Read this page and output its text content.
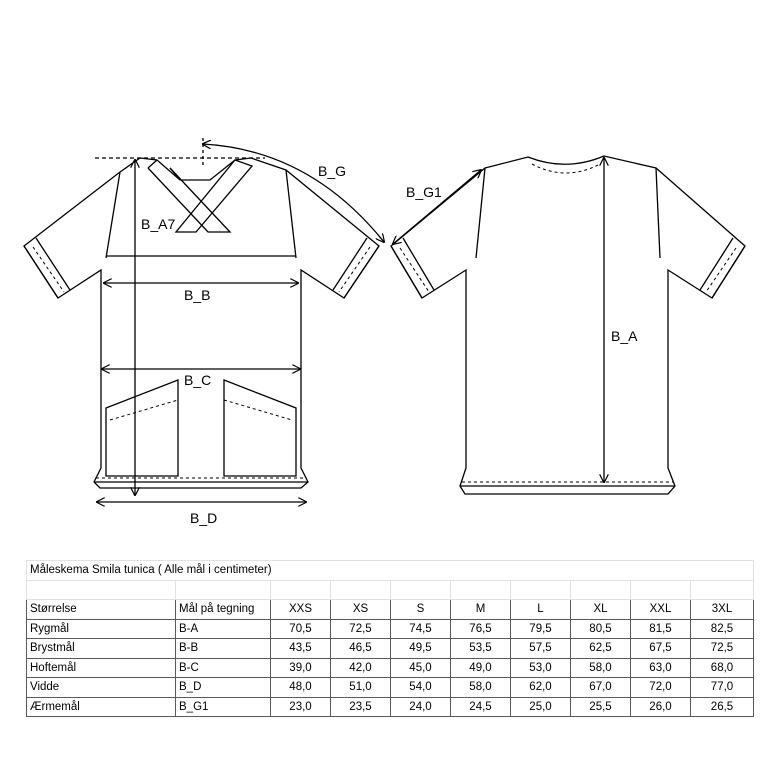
B_A7
B_B
B_C
B_D
B_G
B_G1
B_A
Måleskema Smila tunica ( Alle mål i centimeter)									

Størrelse	Mål på tegning	XXS	XS	S	M	L	XL	XXL	3XL
Rygmål	B-A	70,5	72,5	74,5	76,5	79,5	80,5	81,5	82,5
Brystmål	B-B	43,5	46,5	49,5	53,5	57,5	62,5	67,5	72,5
Hoftemål	B-C	39,0	42,0	45,0	49,0	53,0	58,0	63,0	68,0
Vidde	B_D	48,0	51,0	54,0	58,0	62,0	67,0	72,0	77,0
Ærmemål	B_G1	23,0	23,5	24,0	24,5	25,0	25,5	26,0	26,5
